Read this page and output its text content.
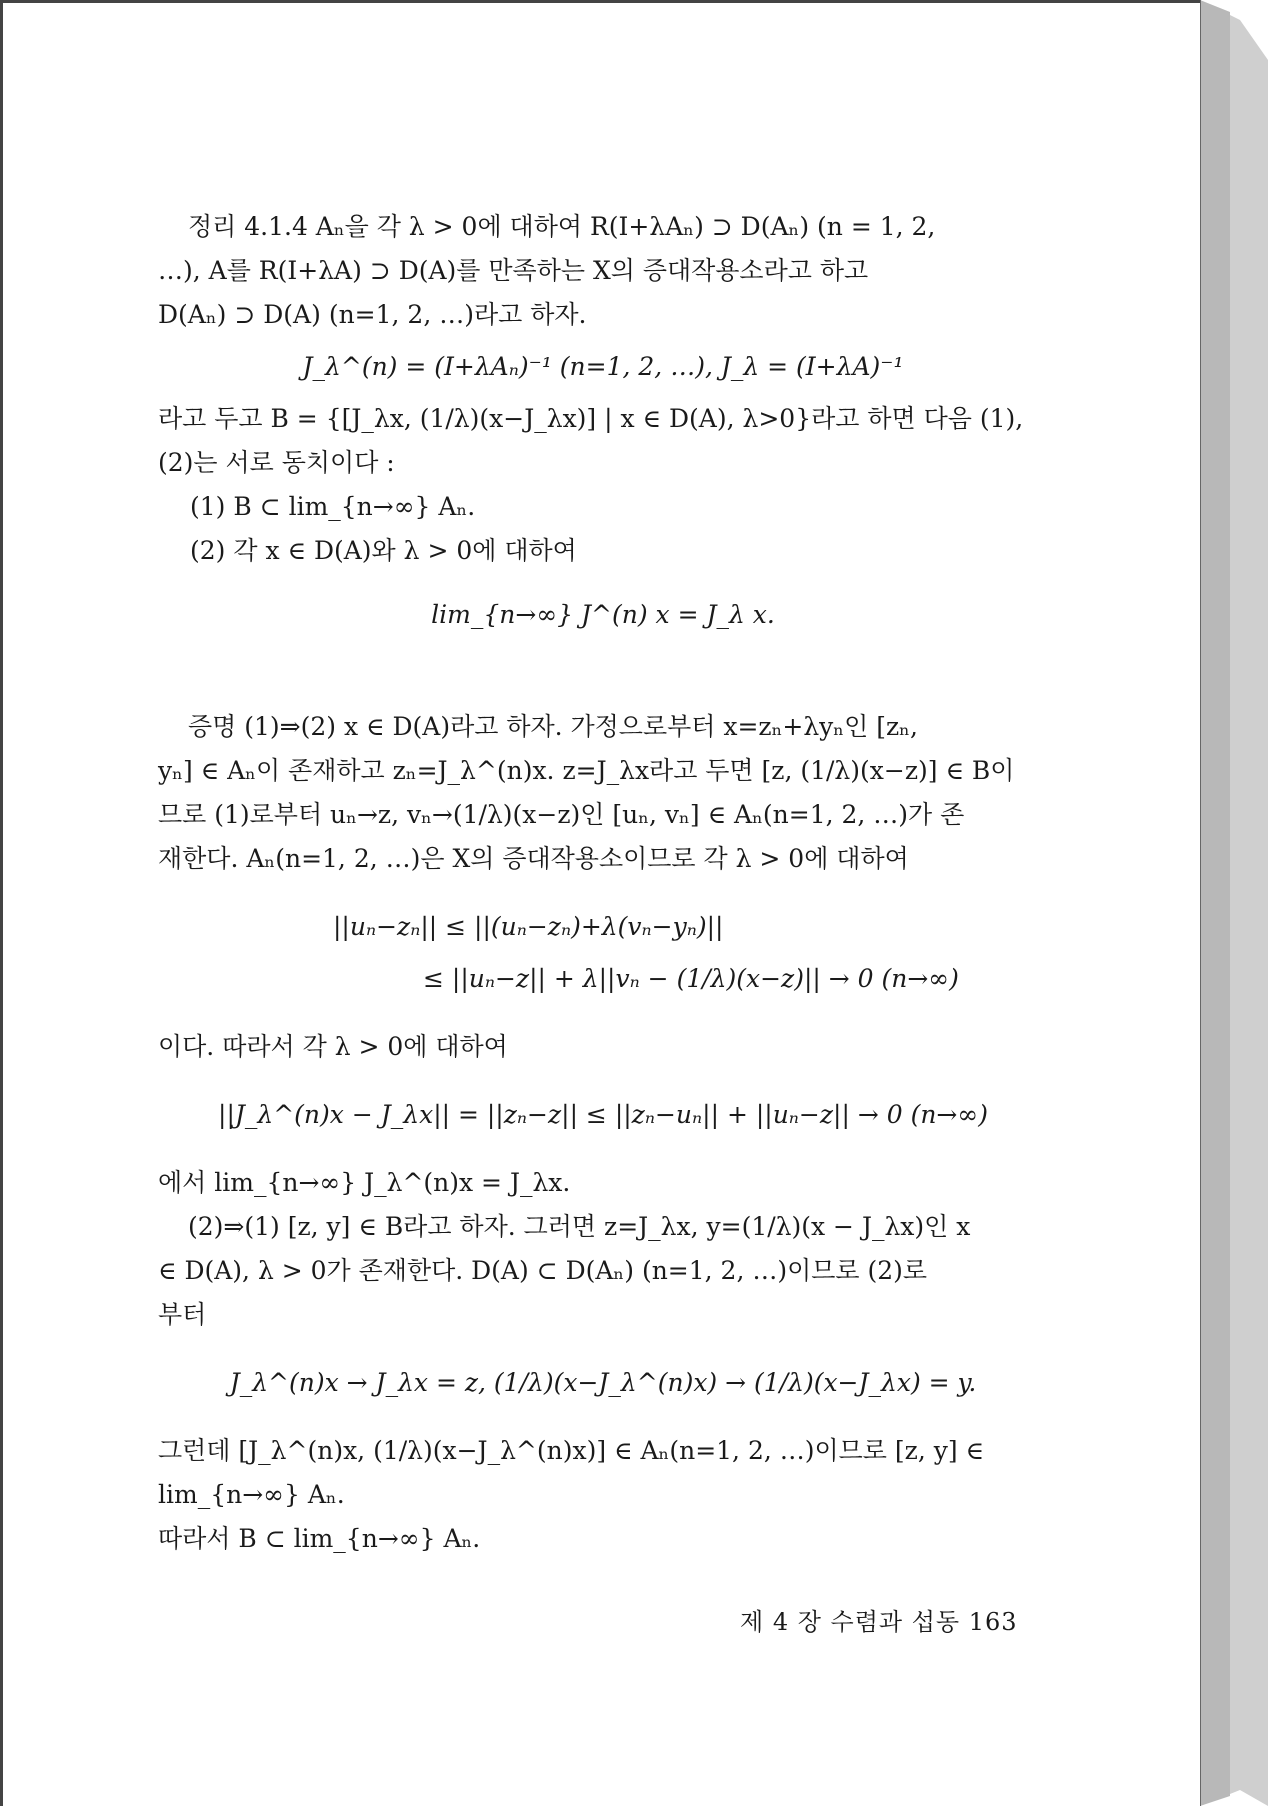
정리 4.1.4 Aₙ을 각 λ > 0에 대하여 R(I+λAₙ) ⊃ D(Aₙ) (n = 1, 2,

…), A를 R(I+λA) ⊃ D(A)를 만족하는 X의 증대작용소라고 하고

D(Aₙ) ⊃ D(A) (n=1, 2, …)라고 하자.

J_λ^(n) = (I+λAₙ)⁻¹ (n=1, 2, …), J_λ = (I+λA)⁻¹

라고 두고 B = {[J_λx, (1/λ)(x−J_λx)] | x ∈ D(A), λ>0}라고 하면 다음 (1),

(2)는 서로 동치이다 :

(1) B ⊂ lim_{n→∞} Aₙ.

(2) 각 x ∈ D(A)와 λ > 0에 대하여

lim_{n→∞} J^(n) x = J_λ x.

증명 (1)⇒(2) x ∈ D(A)라고 하자. 가정으로부터 x=zₙ+λyₙ인 [zₙ,

yₙ] ∈ Aₙ이 존재하고 zₙ=J_λ^(n)x. z=J_λx라고 두면 [z, (1/λ)(x−z)] ∈ B이

므로 (1)로부터 uₙ→z, vₙ→(1/λ)(x−z)인 [uₙ, vₙ] ∈ Aₙ(n=1, 2, …)가 존

재한다. Aₙ(n=1, 2, …)은 X의 증대작용소이므로 각 λ > 0에 대하여

||uₙ−zₙ|| ≤ ||(uₙ−zₙ)+λ(vₙ−yₙ)||
≤ ||uₙ−z|| + λ||vₙ − (1/λ)(x−z)|| → 0 (n→∞)

이다. 따라서 각 λ > 0에 대하여

||J_λ^(n)x − J_λx|| = ||zₙ−z|| ≤ ||zₙ−uₙ|| + ||uₙ−z|| → 0 (n→∞)

에서 lim_{n→∞} J_λ^(n)x = J_λx.

(2)⇒(1) [z, y] ∈ B라고 하자. 그러면 z=J_λx, y=(1/λ)(x − J_λx)인 x

∈ D(A), λ > 0가 존재한다. D(A) ⊂ D(Aₙ) (n=1, 2, …)이므로 (2)로

부터

J_λ^(n)x → J_λx = z, (1/λ)(x−J_λ^(n)x) → (1/λ)(x−J_λx) = y.

그런데 [J_λ^(n)x, (1/λ)(x−J_λ^(n)x)] ∈ Aₙ(n=1, 2, …)이므로 [z, y] ∈ lim_{n→∞} Aₙ.

따라서 B ⊂ lim_{n→∞} Aₙ.

제 4 장 수렴과 섭동 163
